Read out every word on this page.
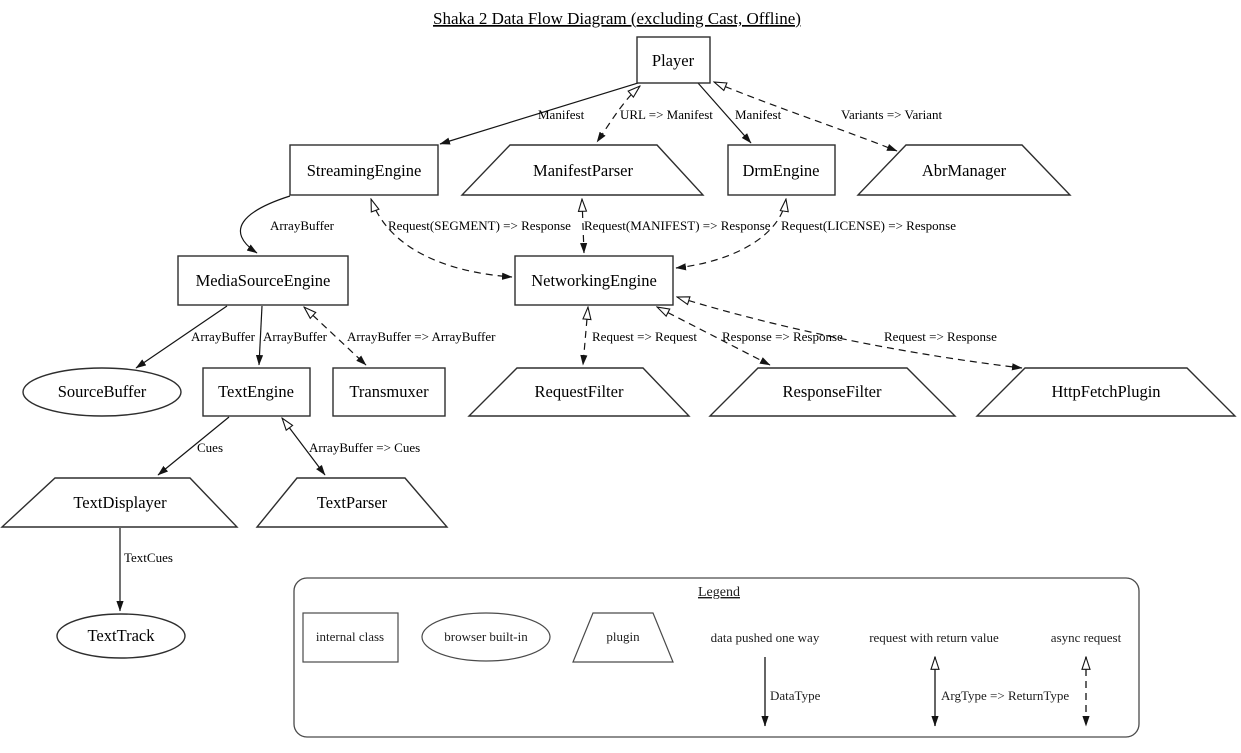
Shaka 2 Data Flow Diagram (excluding Cast, Offline)
Manifest	URL => Manifest Manifest	Variants => Variant
ArrayBuffer	Request(SEGMENT) => Response Request(MANIFEST) => Response Request(LICENSE) => Response
ArrayBuffer ArrayBuffer ArrayBuffer => ArrayBuffer	Request => Request Response => Response	Request => Response
Cues	ArrayBuffer => Cues
TextCues
Player
StreamingEngine	ManifestParser	DrmEngine	AbrManager
MediaSourceEngine	NetworkingEngine
SourceBuffer	TextEngine	Transmuxer	RequestFilter	ResponseFilter	HttpFetchPlugin
TextDisplayer	TextParser
TextTrack
Legend
internal class	browser built-in	plugin	data pushed one way	request with return value	async request
DataType	ArgType => ReturnType
